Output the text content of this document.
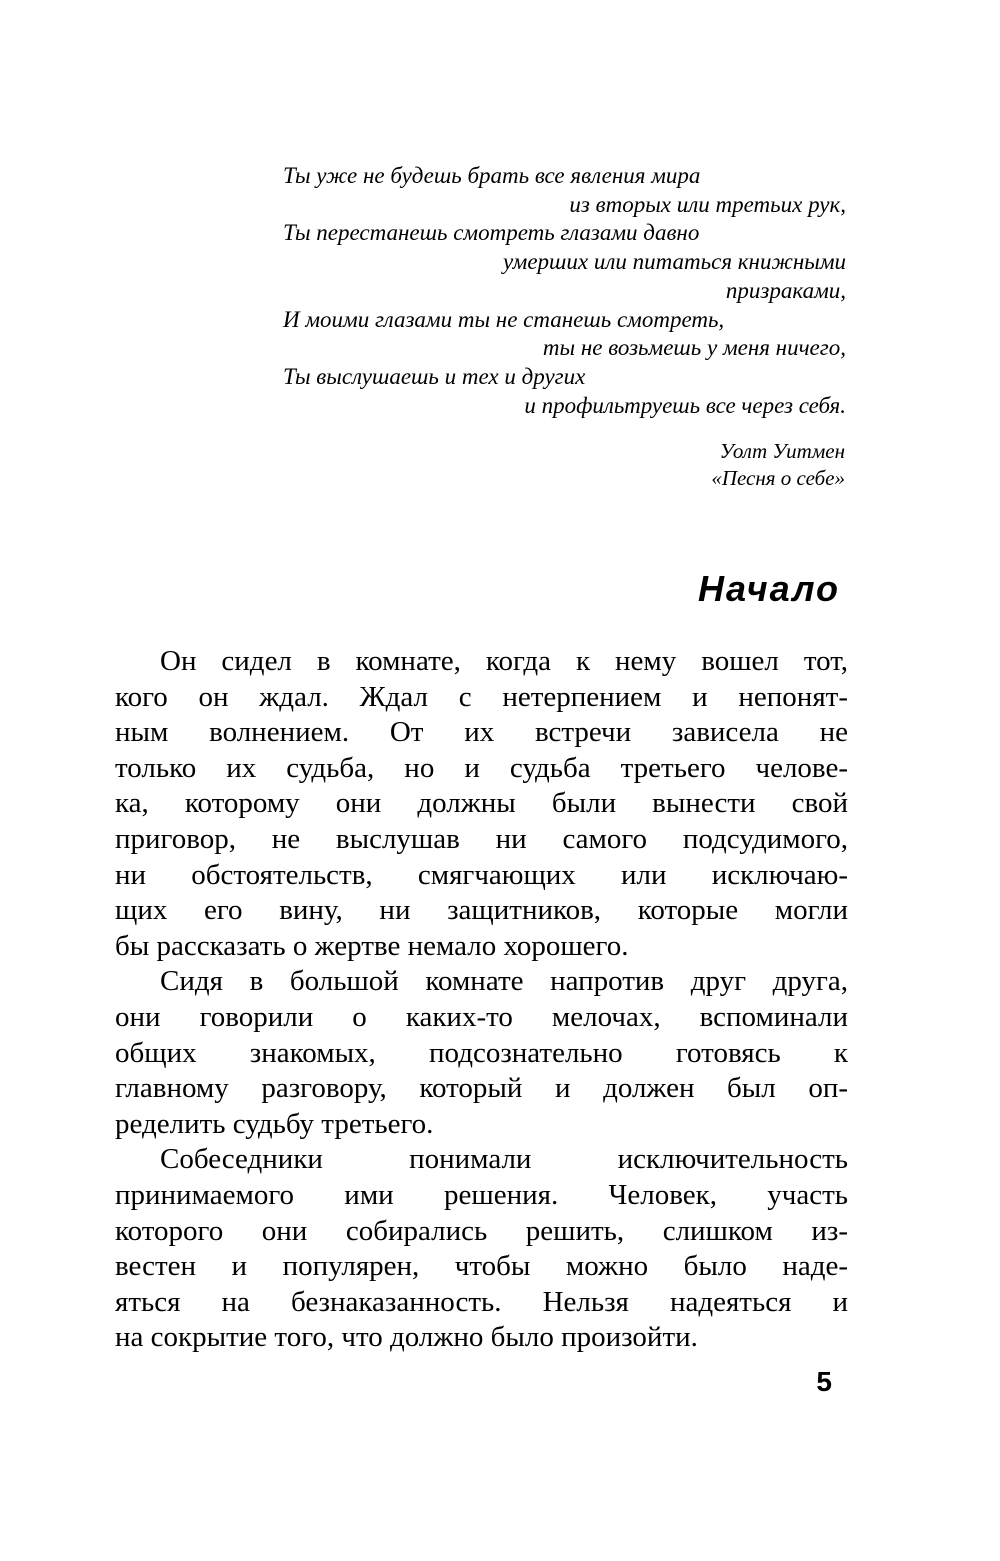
Ты уже не будешь брать все явления мира
из вторых или третьих рук,
Ты перестанешь смотреть глазами давно
умерших или питаться книжными
призраками,
И моими глазами ты не станешь смотреть,
ты не возьмешь у меня ничего,
Ты выслушаешь и тех и других
и профильтруешь все через себя.
Уолт Уитмен
«Песня о себе»
Начало
Он сидел в комнате, когда к нему вошел тот,
кого он ждал. Ждал с нетерпением и непонят-
ным волнением. От их встречи зависела не
только их судьба, но и судьба третьего челове-
ка, которому они должны были вынести свой
приговор, не выслушав ни самого подсудимого,
ни обстоятельств, смягчающих или исключаю-
щих его вину, ни защитников, которые могли
бы рассказать о жертве немало хорошего.
Сидя в большой комнате напротив друг друга,
они говорили о каких-то мелочах, вспоминали
общих знакомых, подсознательно готовясь к
главному разговору, который и должен был оп-
ределить судьбу третьего.
Собеседники понимали исключительность
принимаемого ими решения. Человек, участь
которого они собирались решить, слишком из-
вестен и популярен, чтобы можно было наде-
яться на безнаказанность. Нельзя надеяться и
на сокрытие того, что должно было произойти.
5
